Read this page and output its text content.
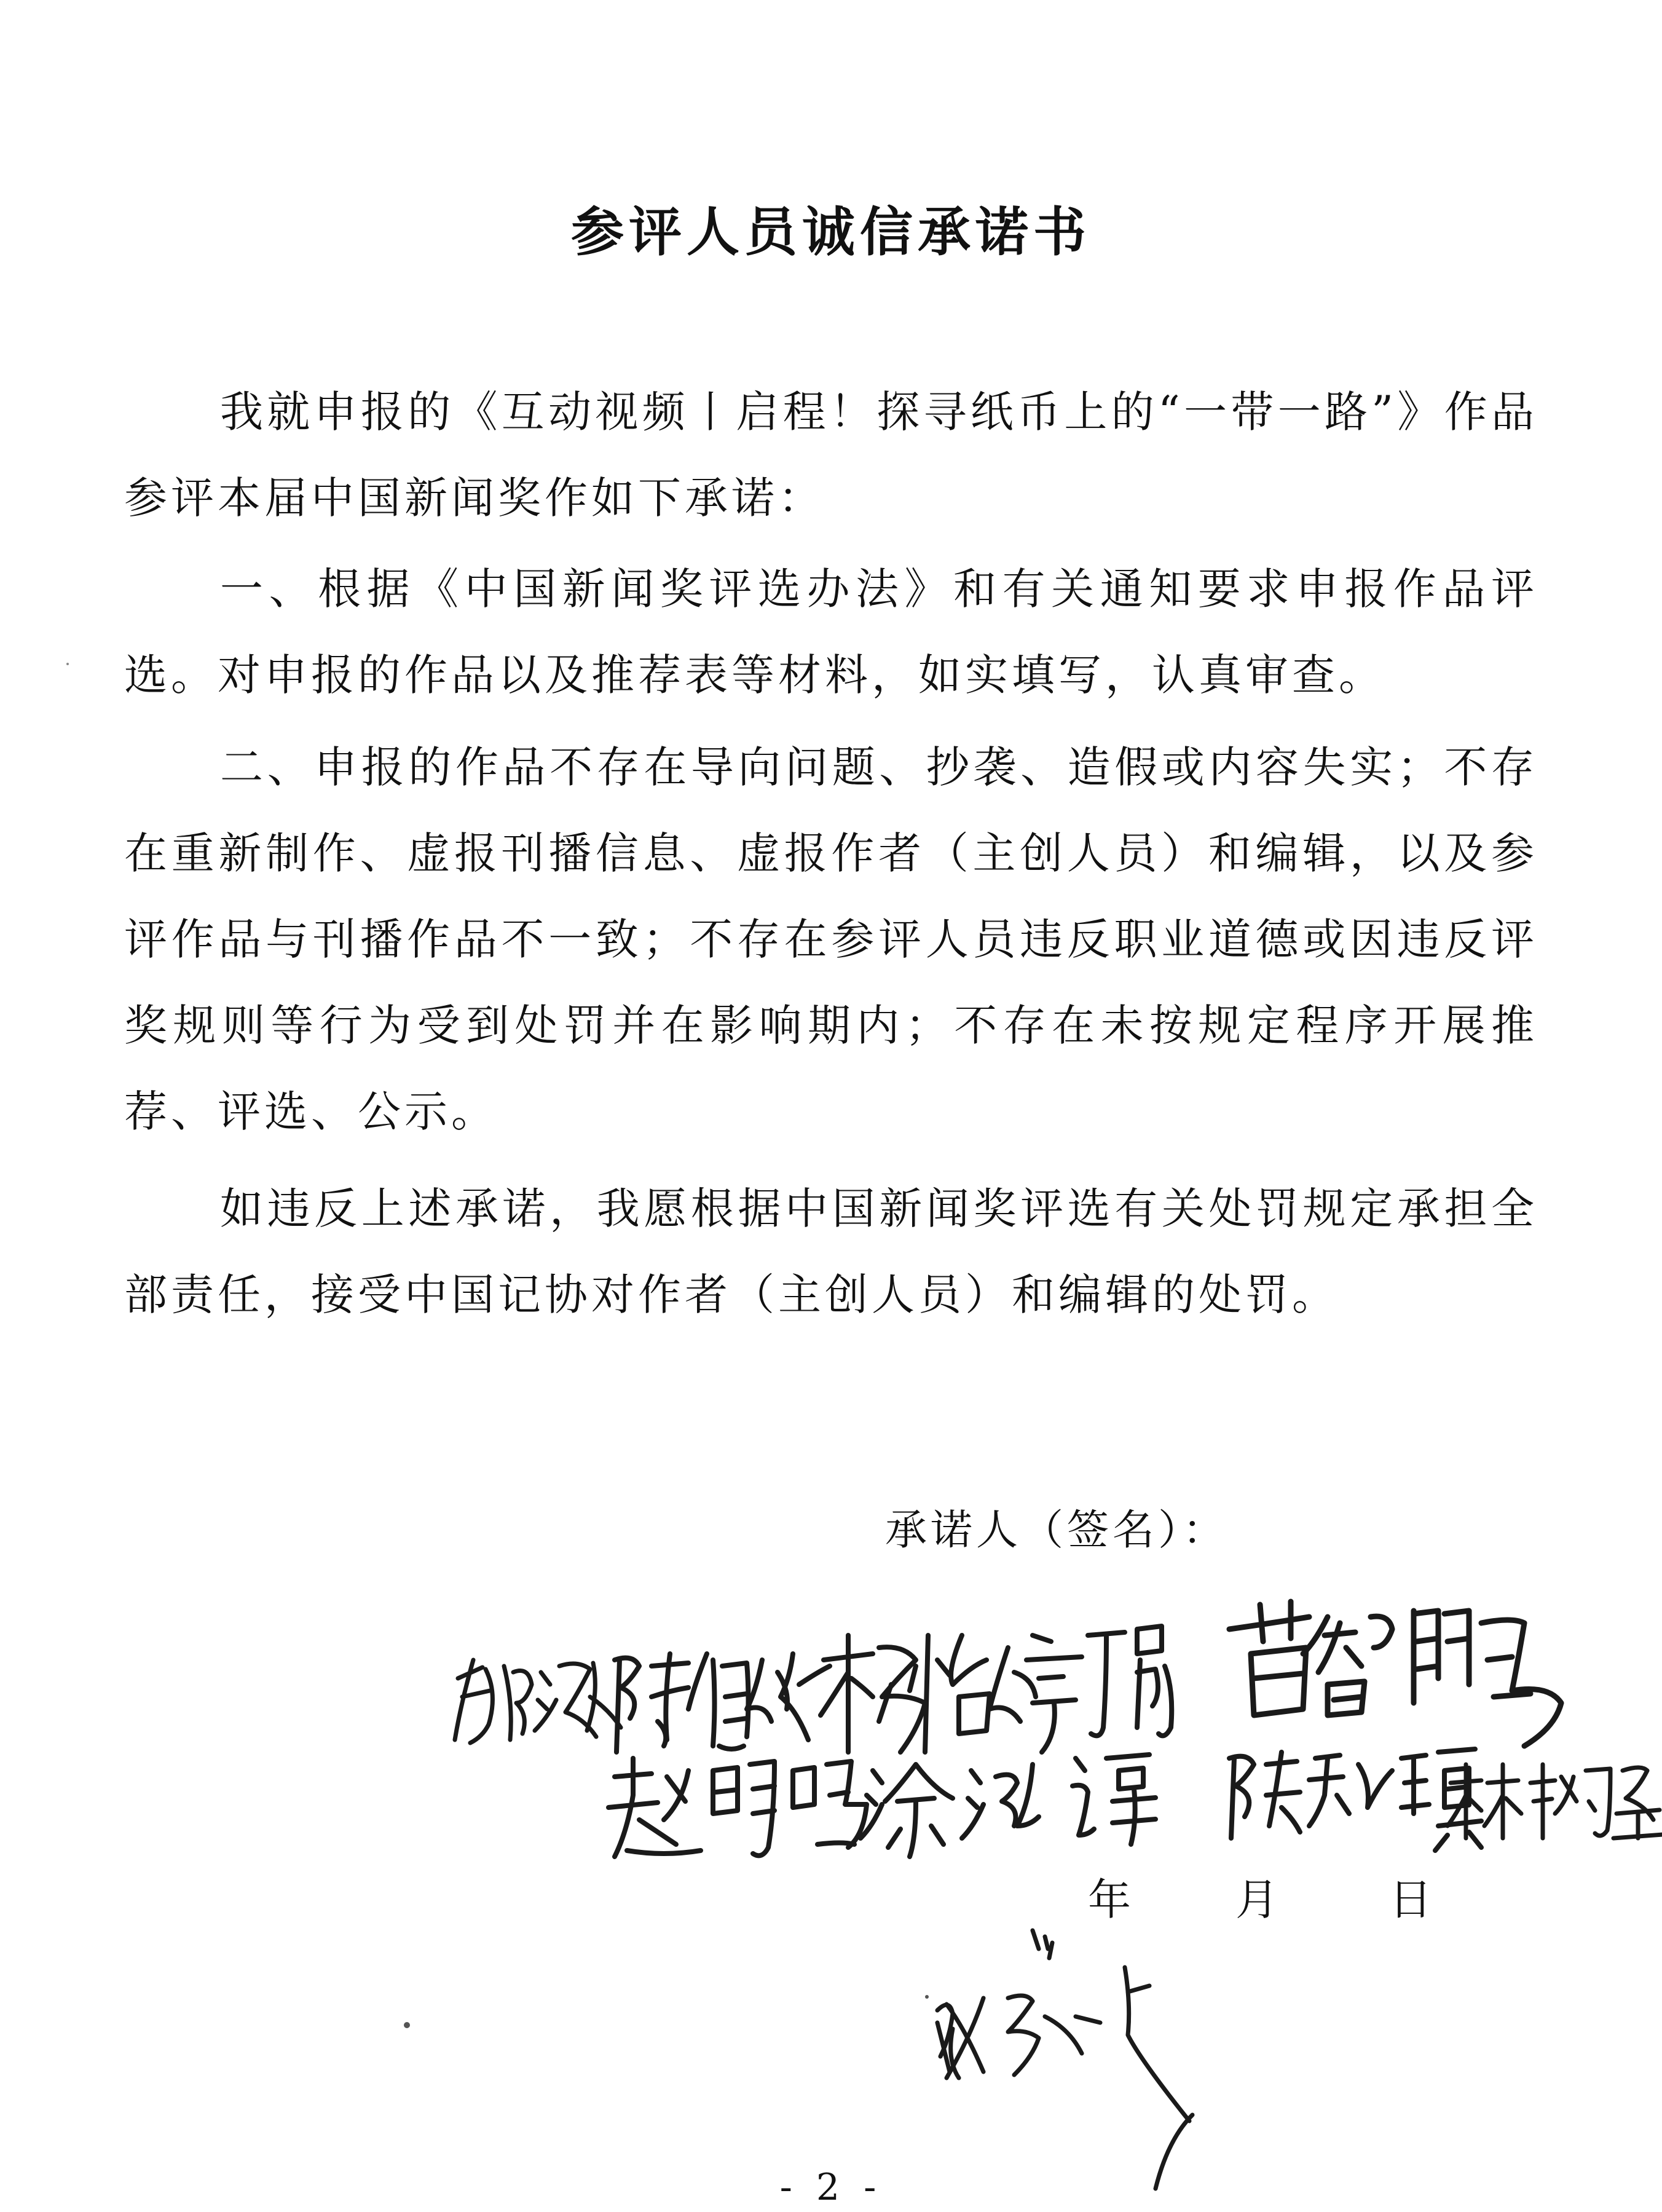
参评人员诚信承诺书

我就申报的《互动视频丨启程！探寻纸币上的“一带一路”》作品参评本届中国新闻奖作如下承诺：

一、根据《中国新闻奖评选办法》和有关通知要求申报作品评选。对申报的作品以及推荐表等材料，如实填写，认真审查。

二、申报的作品不存在导向问题、抄袭、造假或内容失实；不存在重新制作、虚报刊播信息、虚报作者（主创人员）和编辑，以及参评作品与刊播作品不一致；不存在参评人员违反职业道德或因违反评奖规则等行为受到处罚并在影响期内；不存在未按规定程序开展推荐、评选、公示。

如违反上述承诺，我愿根据中国新闻奖评选有关处罚规定承担全部责任，接受中国记协对作者（主创人员）和编辑的处罚。

承诺人（签名）：
年 月	日
- 2 -
